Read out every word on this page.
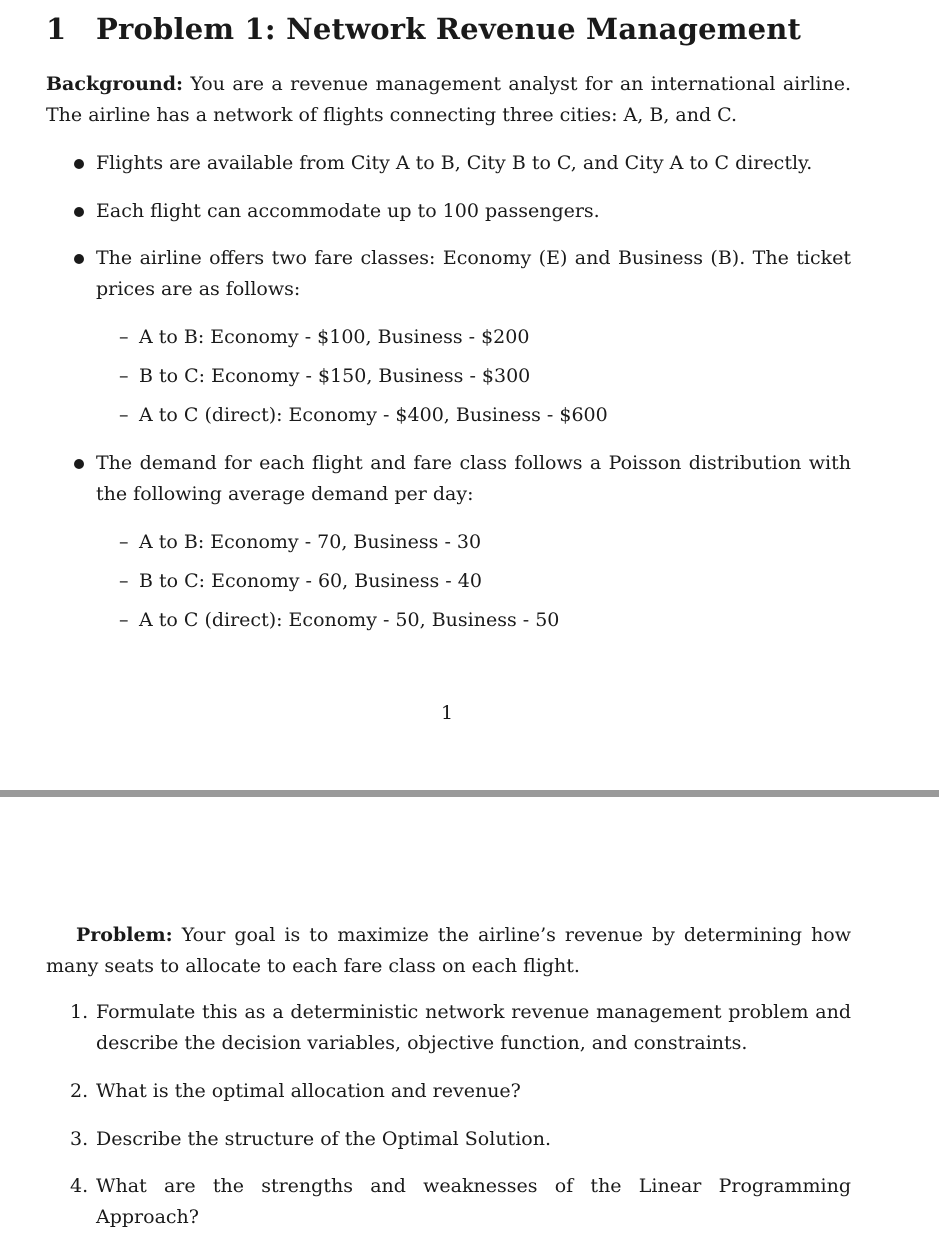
1 Problem 1: Network Revenue Management
Background: You are a revenue management analyst for an international airline. The airline has a network of flights connecting three cities: A, B, and C.
Flights are available from City A to B, City B to C, and City A to C directly.
Each flight can accommodate up to 100 passengers.
The airline offers two fare classes: Economy (E) and Business (B). The ticket prices are as follows:
– A to B: Economy - $100, Business - $200
– B to C: Economy - $150, Business - $300
– A to C (direct): Economy - $400, Business - $600
The demand for each flight and fare class follows a Poisson distribution with the following average demand per day:
– A to B: Economy - 70, Business - 30
– B to C: Economy - 60, Business - 40
– A to C (direct): Economy - 50, Business - 50
1
Problem: Your goal is to maximize the airline’s revenue by determining how many seats to allocate to each fare class on each flight.
1. Formulate this as a deterministic network revenue management problem and describe the decision variables, objective function, and constraints.
2. What is the optimal allocation and revenue?
3. Describe the structure of the Optimal Solution.
4. What are the strengths and weaknesses of the Linear Programming Approach?
